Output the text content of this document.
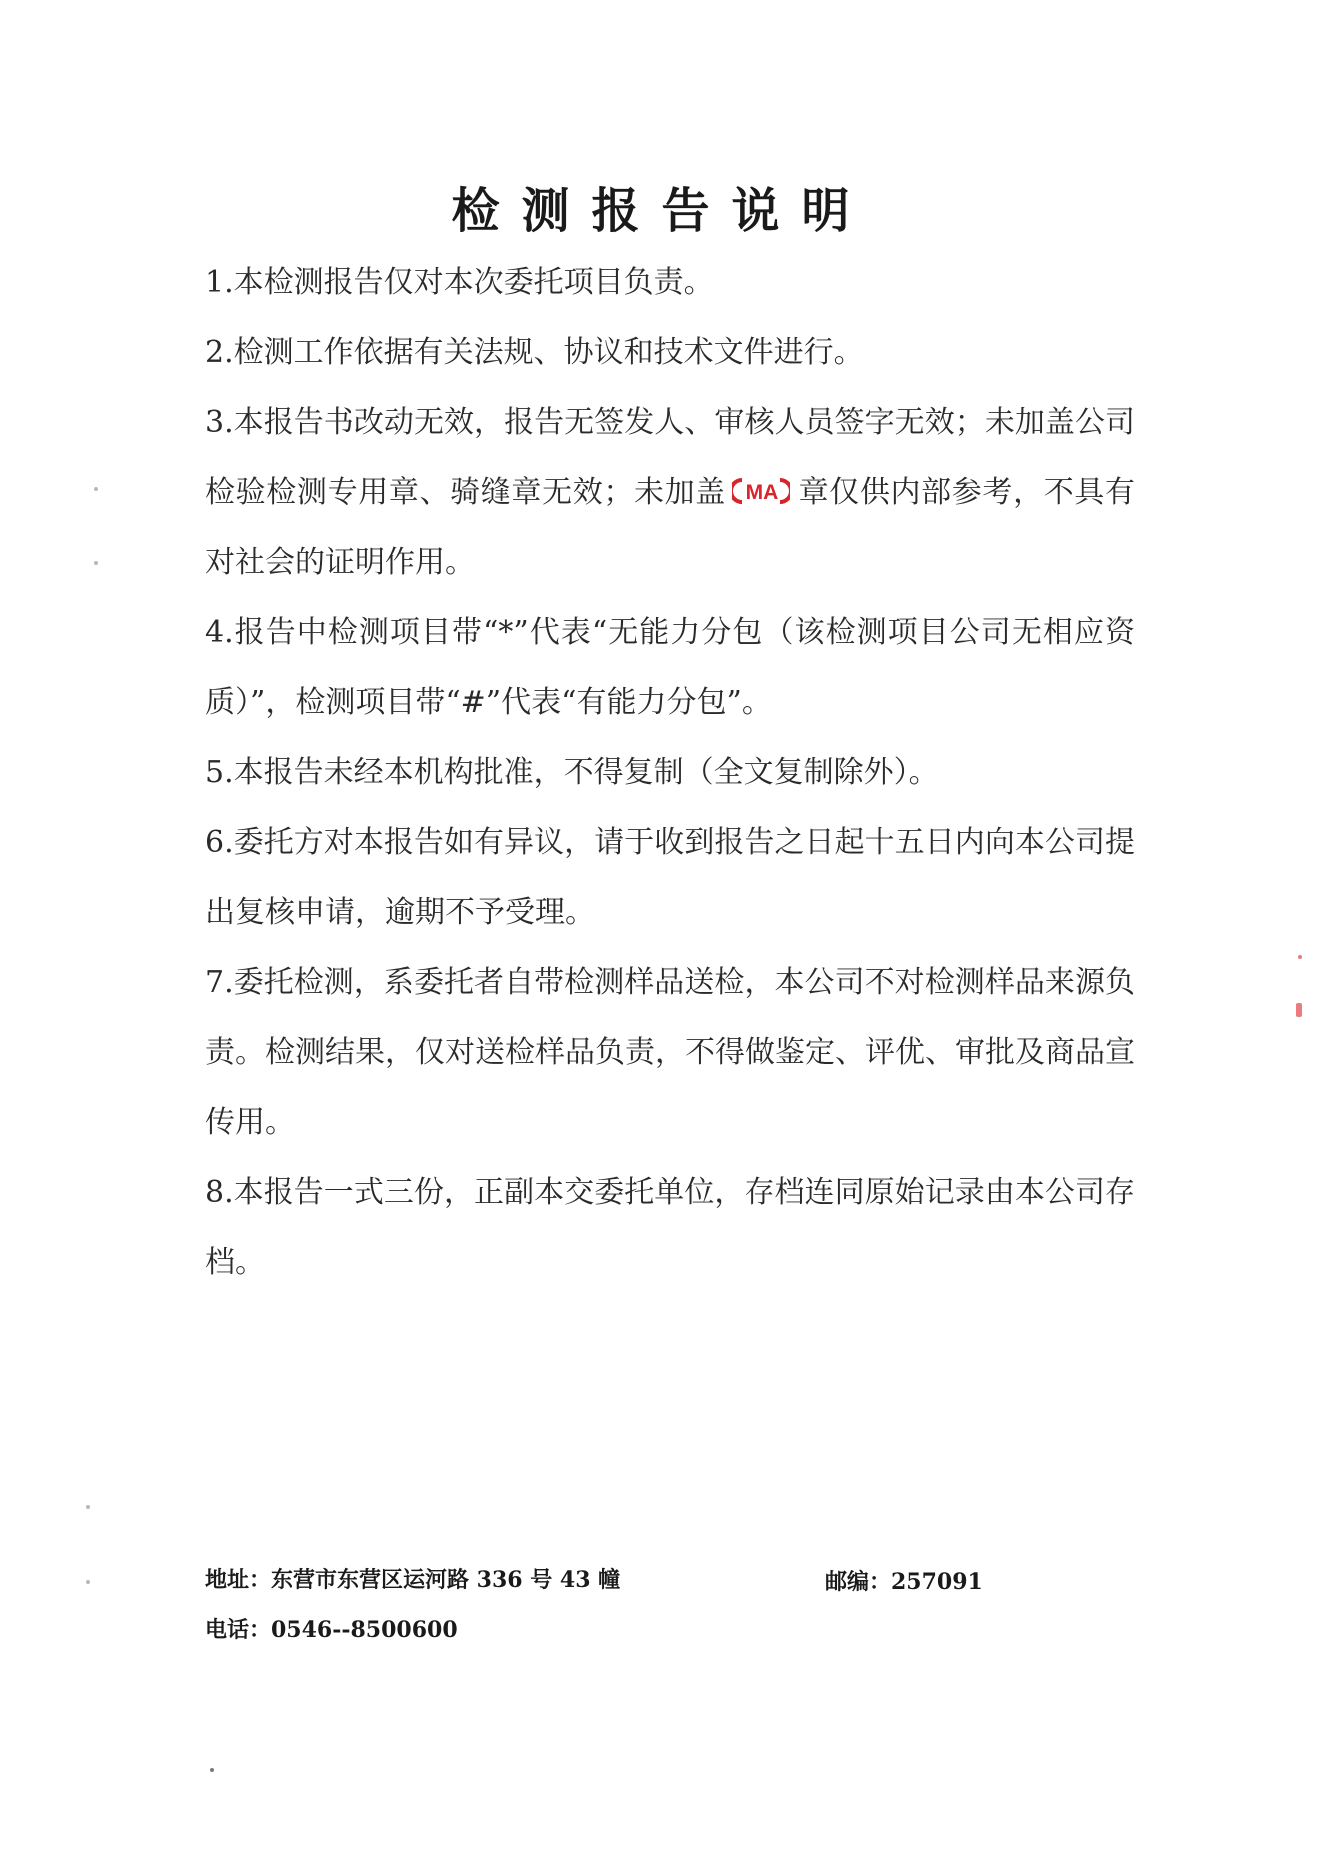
检测报告说明

1.本检测报告仅对本次委托项目负责。

2.检测工作依据有关法规、协议和技术文件进行。

3.本报告书改动无效，报告无签发人、审核人员签字无效；未加盖公司检验检测专用章、骑缝章无效；未加盖 MA 章仅供内部参考，不具有对社会的证明作用。

4.报告中检测项目带“*”代表“无能力分包（该检测项目公司无相应资质）”，检测项目带“#”代表“有能力分包”。

5.本报告未经本机构批准，不得复制（全文复制除外）。

6.委托方对本报告如有异议，请于收到报告之日起十五日内向本公司提出复核申请，逾期不予受理。

7.委托检测，系委托者自带检测样品送检，本公司不对检测样品来源负责。检测结果，仅对送检样品负责，不得做鉴定、评优、审批及商品宣传用。

8.本报告一式三份，正副本交委托单位，存档连同原始记录由本公司存档。

地址：东营市东营区运河路 336 号 43 幢	邮编：257091
电话：0546--8500600
